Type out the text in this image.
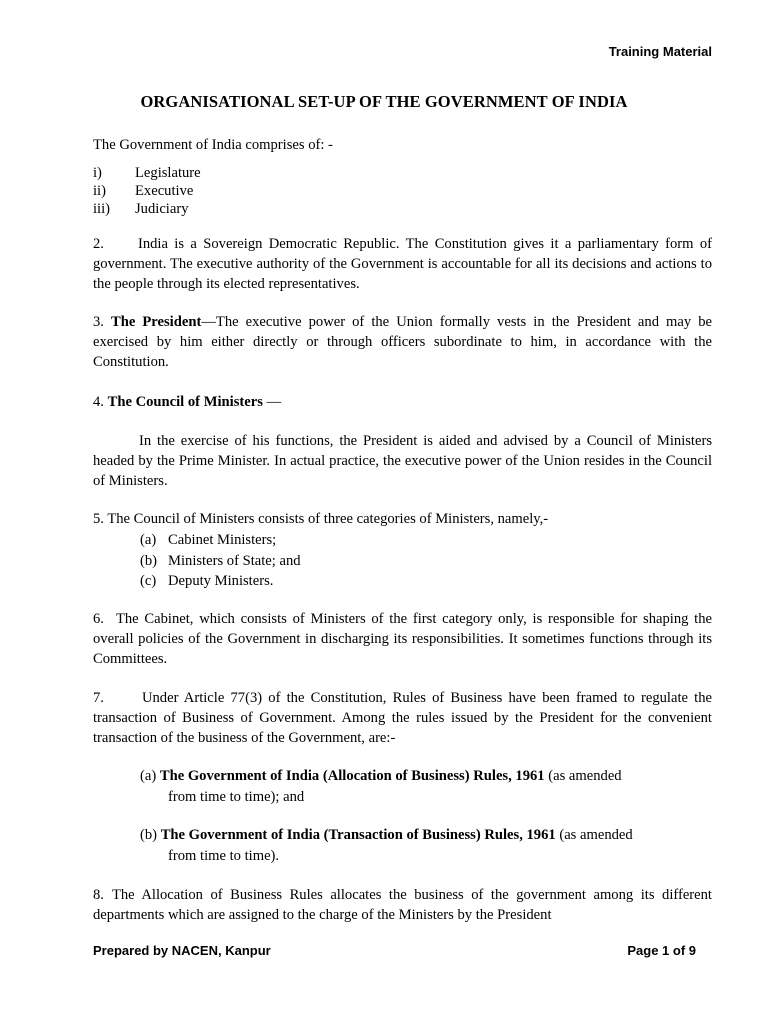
Training Material
ORGANISATIONAL SET-UP OF THE GOVERNMENT OF INDIA
The Government of India comprises of: -
i) Legislature
ii) Executive
iii) Judiciary
2. India is a Sovereign Democratic Republic. The Constitution gives it a parliamentary form of government. The executive authority of the Government is accountable for all its decisions and actions to the people through its elected representatives.
3. The President—The executive power of the Union formally vests in the President and may be exercised by him either directly or through officers subordinate to him, in accordance with the Constitution.
4. The Council of Ministers —
In the exercise of his functions, the President is aided and advised by a Council of Ministers headed by the Prime Minister. In actual practice, the executive power of the Union resides in the Council of Ministers.
5. The Council of Ministers consists of three categories of Ministers, namely,-
(a) Cabinet Ministers;
(b) Ministers of State; and
(c) Deputy Ministers.
6. The Cabinet, which consists of Ministers of the first category only, is responsible for shaping the overall policies of the Government in discharging its responsibilities. It sometimes functions through its Committees.
7.	Under Article 77(3) of the Constitution, Rules of Business have been framed to regulate the transaction of Business of Government. Among the rules issued by the President for the convenient transaction of the business of the Government, are:-
(a) The Government of India (Allocation of Business) Rules, 1961 (as amended
from time to time); and
(b) The Government of India (Transaction of Business) Rules, 1961 (as amended
from time to time).
8. The Allocation of Business Rules allocates the business of the government among its different departments which are assigned to the charge of the Ministers by the President
Prepared by NACEN, Kanpur	Page 1 of 9
